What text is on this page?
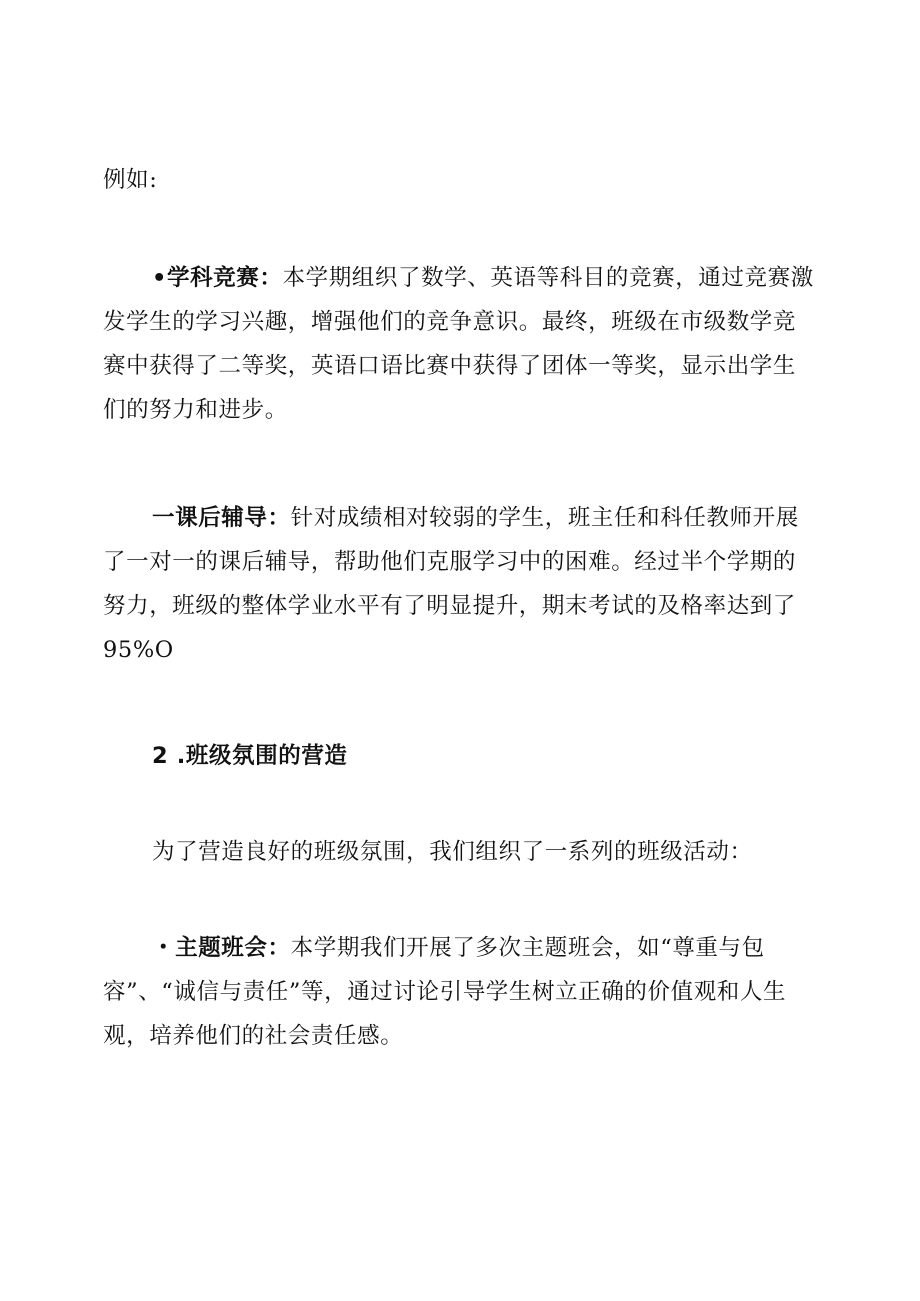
例如:

•学科竞赛：本学期组织了数学、英语等科目的竞赛，通过竞赛激
发学生的学习兴趣，增强他们的竞争意识。最终，班级在市级数学竞
赛中获得了二等奖，英语口语比赛中获得了团体一等奖，显示出学生
们的努力和进步。
一课后辅导：针对成绩相对较弱的学生，班主任和科任教师开展
了一对一的课后辅导，帮助他们克服学习中的困难。经过半个学期的
努力，班级的整体学业水平有了明显提升，期末考试的及格率达到了
95%O

2 .班级氛围的营造

为了营造良好的班级氛围，我们组织了一系列的班级活动：

・主题班会：本学期我们开展了多次主题班会，如“尊重与包
容”、“诚信与责任”等，通过讨论引导学生树立正确的价值观和人生
观，培养他们的社会责任感。
